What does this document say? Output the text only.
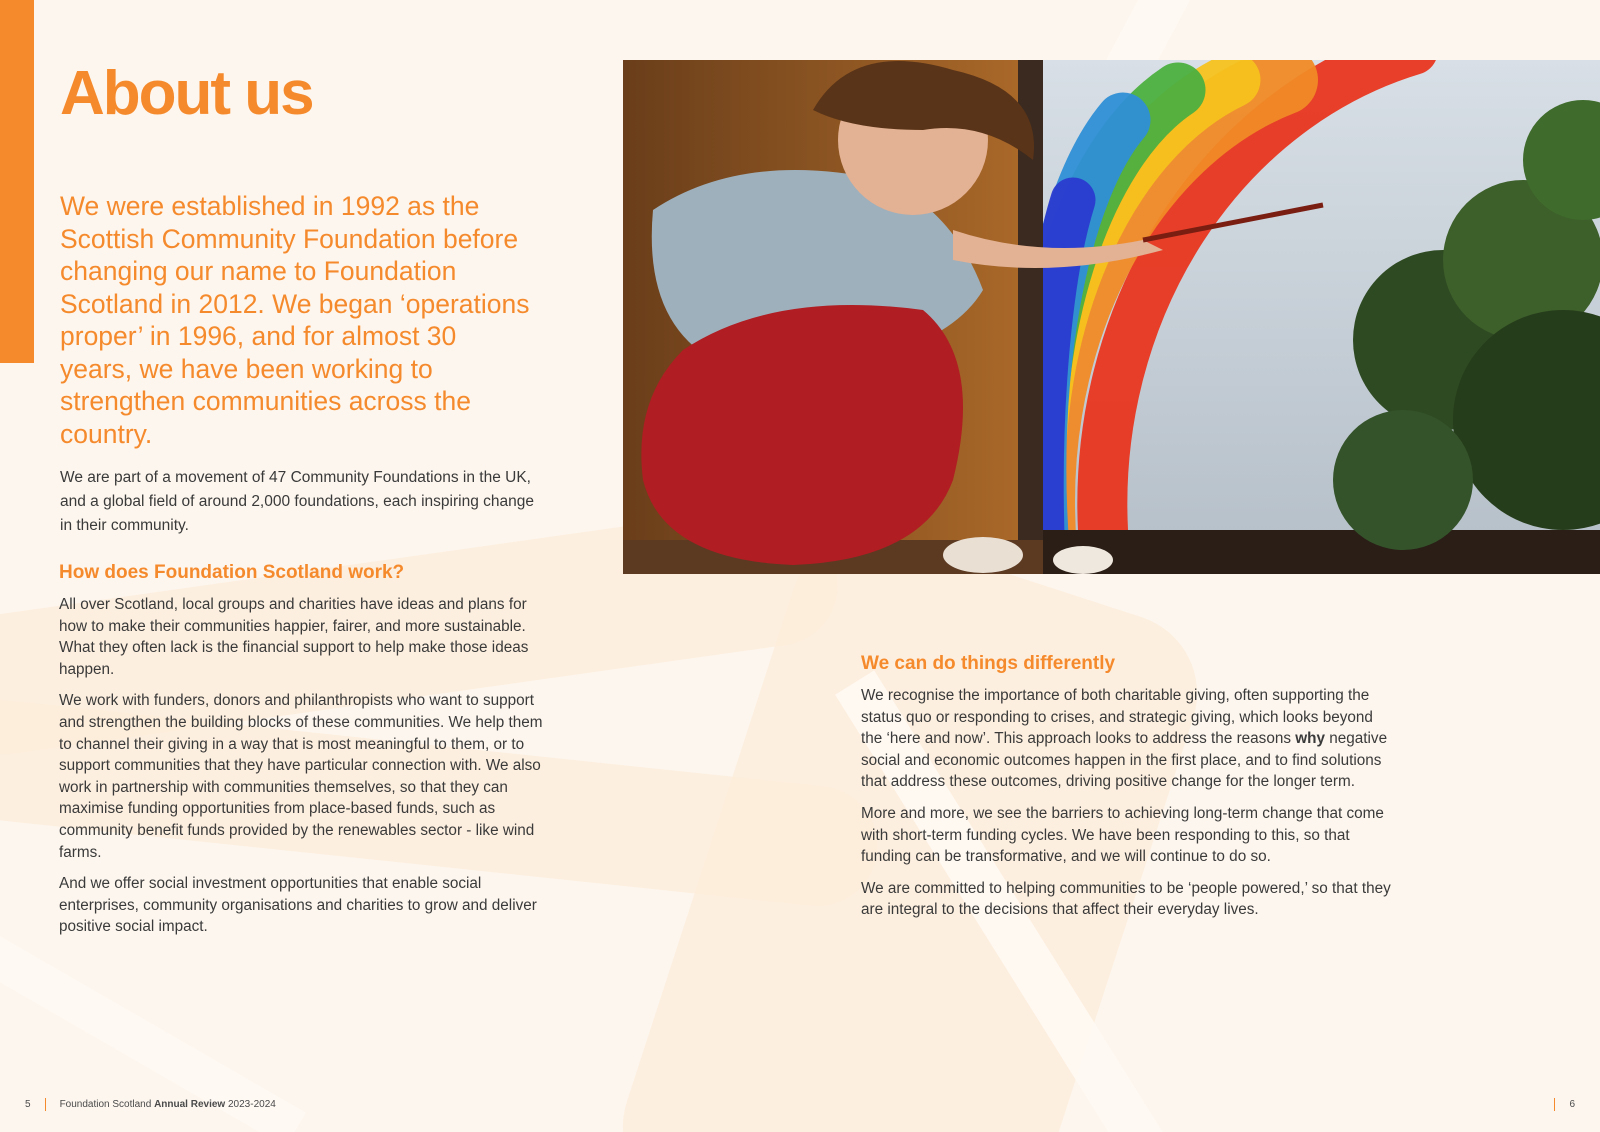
About us

We were established in 1992 as the Scottish Community Foundation before changing our name to Foundation Scotland in 2012. We began ‘operations proper’ in 1996, and for almost 30 years, we have been working to strengthen communities across the country.

We are part of a movement of 47 Community Foundations in the UK, and a global field of around 2,000 foundations, each inspiring change in their community.

How does Foundation Scotland work?

All over Scotland, local groups and charities have ideas and plans for how to make their communities happier, fairer, and more sustainable. What they often lack is the financial support to help make those ideas happen.

We work with funders, donors and philanthropists who want to support and strengthen the building blocks of these communities. We help them to channel their giving in a way that is most meaningful to them, or to support communities that they have particular connection with. We also work in partnership with communities themselves, so that they can maximise funding opportunities from place-based funds, such as community benefit funds provided by the renewables sector - like wind farms.

And we offer social investment opportunities that enable social enterprises, community organisations and charities to grow and deliver positive social impact.

We can do things differently

We recognise the importance of both charitable giving, often supporting the status quo or responding to crises, and strategic giving, which looks beyond the ‘here and now’. This approach looks to address the reasons why negative social and economic outcomes happen in the first place, and to find solutions that address these outcomes, driving positive change for the longer term.

More and more, we see the barriers to achieving long-term change that come with short-term funding cycles. We have been responding to this, so that funding can be transformative, and we will continue to do so.

We are committed to helping communities to be ‘people powered,’ so that they are integral to the decisions that affect their everyday lives.

5	Foundation Scotland Annual Review 2023-2024	6
